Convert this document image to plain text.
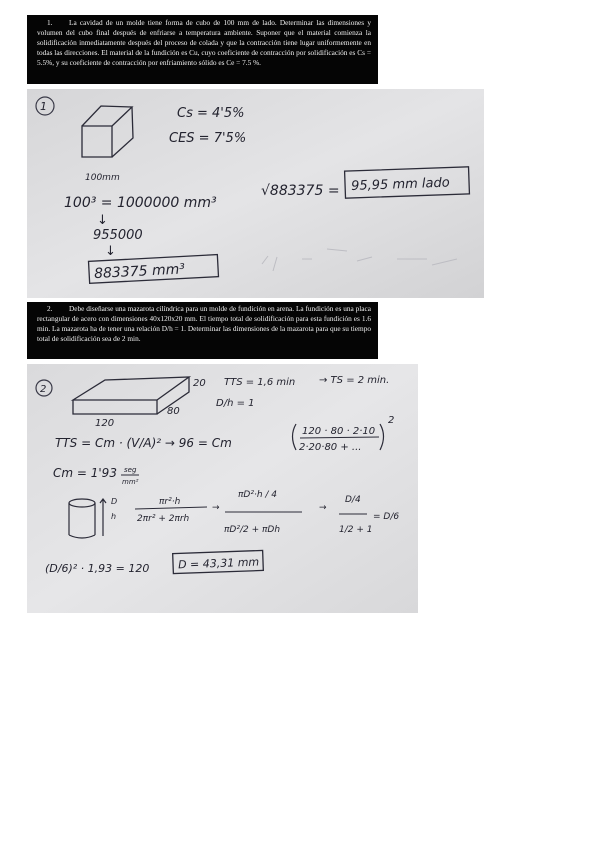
1. La cavidad de un molde tiene forma de cubo de 100 mm de lado. Determinar las dimensiones y volumen del cubo final después de enfriarse a temperatura ambiente. Suponer que el material comienza la solidificación inmediatamente después del proceso de colada y que la contracción tiene lugar uniformemente en todas las direcciones. El material de la fundición es Cu, cuyo coeficiente de contracción por solidificación es Cs = 5.5%, y su coeficiente de contracción por enfriamiento sólido es Ce = 7.5 %.
1
100mm
Cs = 4'5%
CES = 7'5%
100³ = 1000000 mm³
↓
955000
↓
883375 mm³
√883375 = 95,95 mm lado
2. Debe diseñarse una mazarota cilíndrica para un molde de fundición en arena. La fundición es una placa rectangular de acero con dimensiones 40x120x20 mm. El tiempo total de solidificación para esta fundición es 1.6 min. La mazarota ha de tener una relación D/h = 1. Determinar las dimensiones de la mazarota para que su tiempo total de solidificación sea de 2 min.
2
20
80
120
TTS = 1,6 min → TS = 2 min.
D/h = 1
TTS = Cm · (V/A)² → 96 = Cm
120 · 80 · 2·10
2·20·80 + ...
2
Cm = 1'93 seg
mm²
D
h
πr²·h
2πr² + 2πrh
→
πD²·h / 4
πD²/2 + πDh
→
D/4
1/2 + 1
= D/6
(D/6)² · 1,93 = 120	D = 43,31 mm
